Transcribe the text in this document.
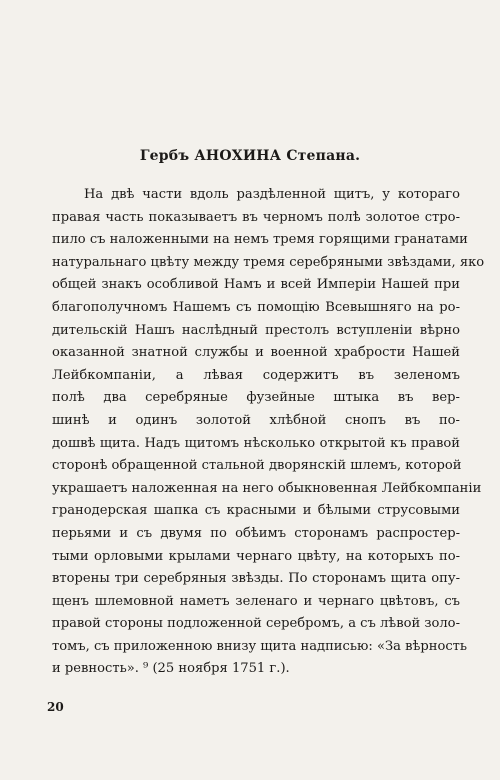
Гербъ АНОХИНА Степана.
На двѣ части вдоль раздѣленной щитъ, у котораго
правая часть показываетъ въ черномъ полѣ золотое стро-
пило съ наложенными на немъ тремя горящими гранатами
натуральнаго цвѣту между тремя серебряными звѣздами, яко
общей знакъ особливой Намъ и всей Имперіи Нашей при
благополучномъ Нашемъ съ помощію Всевышняго на ро-
дительскій Нашъ наслѣдный престолъ вступленіи вѣрно
оказанной знатной службы и военной храбрости Нашей
Лейбкомпаніи, а лѣвая содержитъ въ зеленомъ
полѣ два серебряные фузейные штыка въ вер-
шинѣ и одинъ золотой хлѣбной снопъ въ по-
дошвѣ щита. Надъ щитомъ нѣсколько открытой къ правой
сторонѣ обращенной стальной дворянскій шлемъ, которой
украшаетъ наложенная на него обыкновенная Лейбкомпаніи
гранодерская шапка съ красными и бѣлыми струсовыми
перьями и съ двумя по обѣимъ сторонамъ распростер-
тыми орловыми крылами чернаго цвѣту, на которыхъ по-
вторены три серебряныя звѣзды. По сторонамъ щита опу-
щенъ шлемовной наметъ зеленаго и чернаго цвѣтовъ, съ
правой стороны подложенной серебромъ, а съ лѣвой золо-
томъ, съ приложенною внизу щита надписью: «За вѣрность
и ревность». ⁹ (25 ноября 1751 г.).
20
